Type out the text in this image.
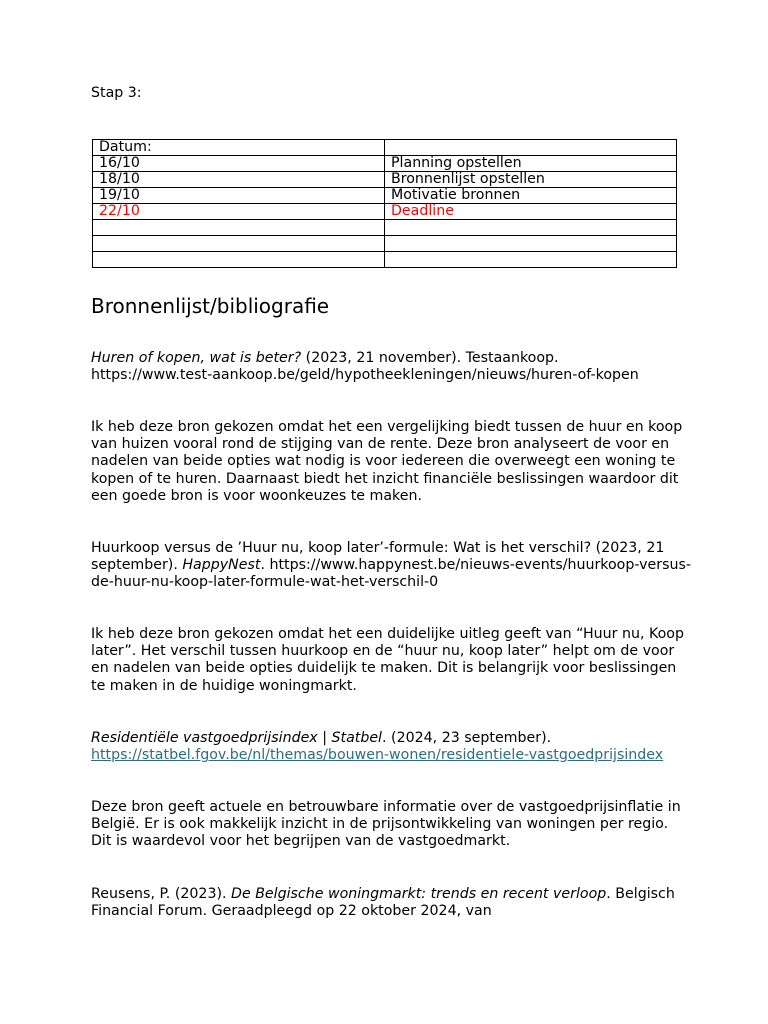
Stap 3:

Datum:	
16/10	Planning opstellen
18/10	Bronnenlijst opstellen
19/10	Motivatie bronnen
22/10	Deadline

Bronnenlijst/bibliografie

Huren of kopen, wat is beter? (2023, 21 november). Testaankoop.
https://www.test-aankoop.be/geld/hypotheekleningen/nieuws/huren-of-kopen

Ik heb deze bron gekozen omdat het een vergelijking biedt tussen de huur en koop van huizen vooral rond de stijging van de rente. Deze bron analyseert de voor en nadelen van beide opties wat nodig is voor iedereen die overweegt een woning te kopen of te huren. Daarnaast biedt het inzicht financiële beslissingen waardoor dit een goede bron is voor woonkeuzes te maken.

Huurkoop versus de ’Huur nu, koop later’-formule: Wat is het verschil? (2023, 21 september). HappyNest. https://www.happynest.be/nieuws-events/huurkoop-versus-de-huur-nu-koop-later-formule-wat-het-verschil-0

Ik heb deze bron gekozen omdat het een duidelijke uitleg geeft van “Huur nu, Koop later”. Het verschil tussen huurkoop en de “huur nu, koop later” helpt om de voor en nadelen van beide opties duidelijk te maken. Dit is belangrijk voor beslissingen te maken in de huidige woningmarkt.

Residentiële vastgoedprijsindex | Statbel. (2024, 23 september).
https://statbel.fgov.be/nl/themas/bouwen-wonen/residentiele-vastgoedprijsindex

Deze bron geeft actuele en betrouwbare informatie over de vastgoedprijsinflatie in België. Er is ook makkelijk inzicht in de prijsontwikkeling van woningen per regio. Dit is waardevol voor het begrijpen van de vastgoedmarkt.

Reusens, P. (2023). De Belgische woningmarkt: trends en recent verloop. Belgisch Financial Forum. Geraadpleegd op 22 oktober 2024, van
